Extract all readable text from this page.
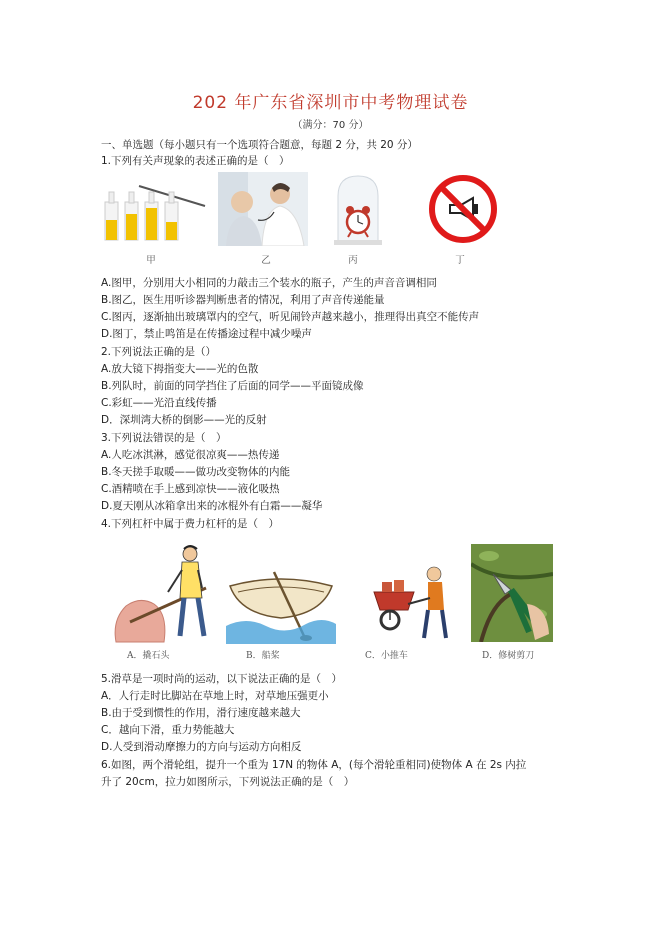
202 年广东省深圳市中考物理试卷
（满分：70 分）
一、单选题（每小题只有一个选项符合题意，每题 2 分，共 20 分）
1.下列有关声现象的表述正确的是（　）
甲	乙	丙	丁
A.图甲，分别用大小相同的力敲击三个装水的瓶子，产生的声音音调相同
B.图乙，医生用听诊器判断患者的情况，利用了声音传递能量
C.图丙，逐渐抽出玻璃罩内的空气，听见闹铃声越来越小，推理得出真空不能传声
D.图丁，禁止鸣笛是在传播途过程中减少噪声
2.下列说法正确的是（）
A.放大镜下拇指变大——光的色散
B.列队时，前面的同学挡住了后面的同学——平面镜成像
C.彩虹——光沿直线传播
D．深圳湾大桥的倒影——光的反射
3.下列说法错误的是（　）
A.人吃冰淇淋，感觉很凉爽——热传递
B.冬天搓手取暖——做功改变物体的内能
C.酒精喷在手上感到凉快——液化吸热
D.夏天刚从冰箱拿出来的冰棍外有白霜——凝华
4.下列杠杆中属于费力杠杆的是（　）
A．撬石头	B．船桨	C．小推车	D．修树剪刀
5.滑草是一项时尚的运动，以下说法正确的是（　）
A．人行走时比脚站在草地上时，对草地压强更小
B.由于受到惯性的作用，滑行速度越来越大
C．越向下滑，重力势能越大
D.人受到滑动摩擦力的方向与运动方向相反
6.如图，两个滑轮组，提升一个重为 17N 的物体 A，(每个滑轮重相同)使物体 A 在 2s 内拉
升了 20cm，拉力如图所示，下列说法正确的是（　）
